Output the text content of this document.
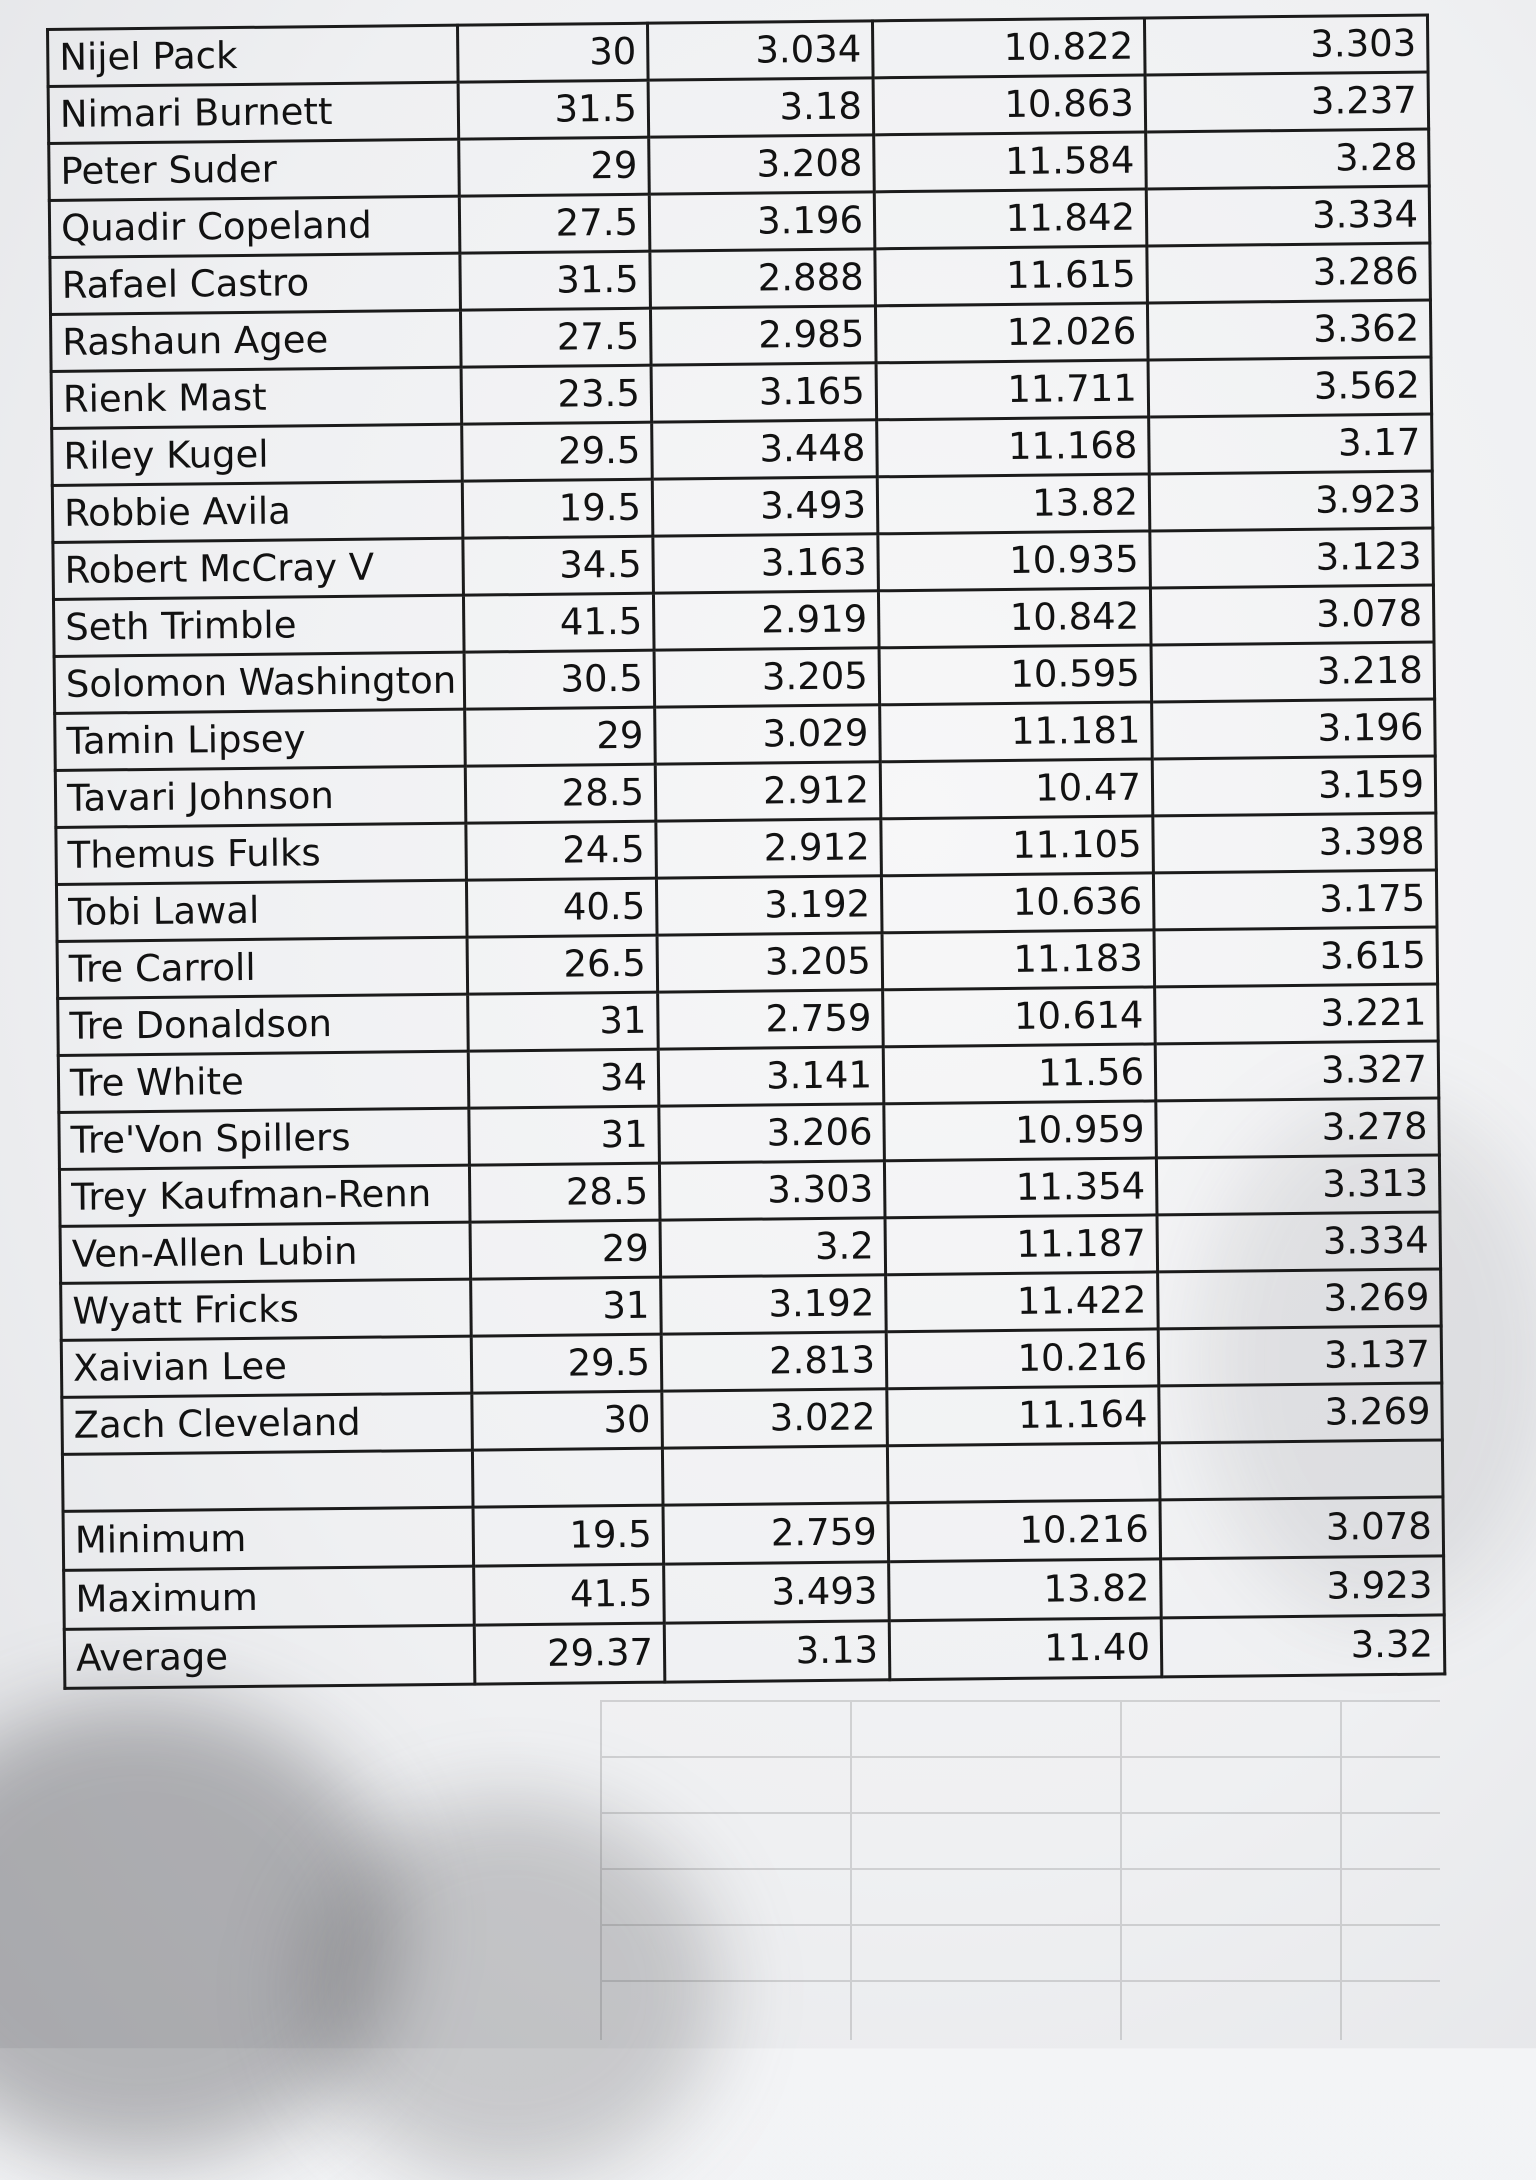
Nijel Pack	30	3.034	10.822	3.303
Nimari Burnett	31.5	3.18	10.863	3.237
Peter Suder	29	3.208	11.584	3.28
Quadir Copeland	27.5	3.196	11.842	3.334
Rafael Castro	31.5	2.888	11.615	3.286
Rashaun Agee	27.5	2.985	12.026	3.362
Rienk Mast	23.5	3.165	11.711	3.562
Riley Kugel	29.5	3.448	11.168	3.17
Robbie Avila	19.5	3.493	13.82	3.923
Robert McCray V	34.5	3.163	10.935	3.123
Seth Trimble	41.5	2.919	10.842	3.078
Solomon Washington	30.5	3.205	10.595	3.218
Tamin Lipsey	29	3.029	11.181	3.196
Tavari Johnson	28.5	2.912	10.47	3.159
Themus Fulks	24.5	2.912	11.105	3.398
Tobi Lawal	40.5	3.192	10.636	3.175
Tre Carroll	26.5	3.205	11.183	3.615
Tre Donaldson	31	2.759	10.614	3.221
Tre White	34	3.141	11.56	3.327
Tre'Von Spillers	31	3.206	10.959	3.278
Trey Kaufman-Renn	28.5	3.303	11.354	3.313
Ven-Allen Lubin	29	3.2	11.187	3.334
Wyatt Fricks	31	3.192	11.422	3.269
Xaivian Lee	29.5	2.813	10.216	3.137
Zach Cleveland	30	3.022	11.164	3.269

Minimum	19.5	2.759	10.216	3.078
Maximum	41.5	3.493	13.82	3.923
Average	29.37	3.13	11.40	3.32
